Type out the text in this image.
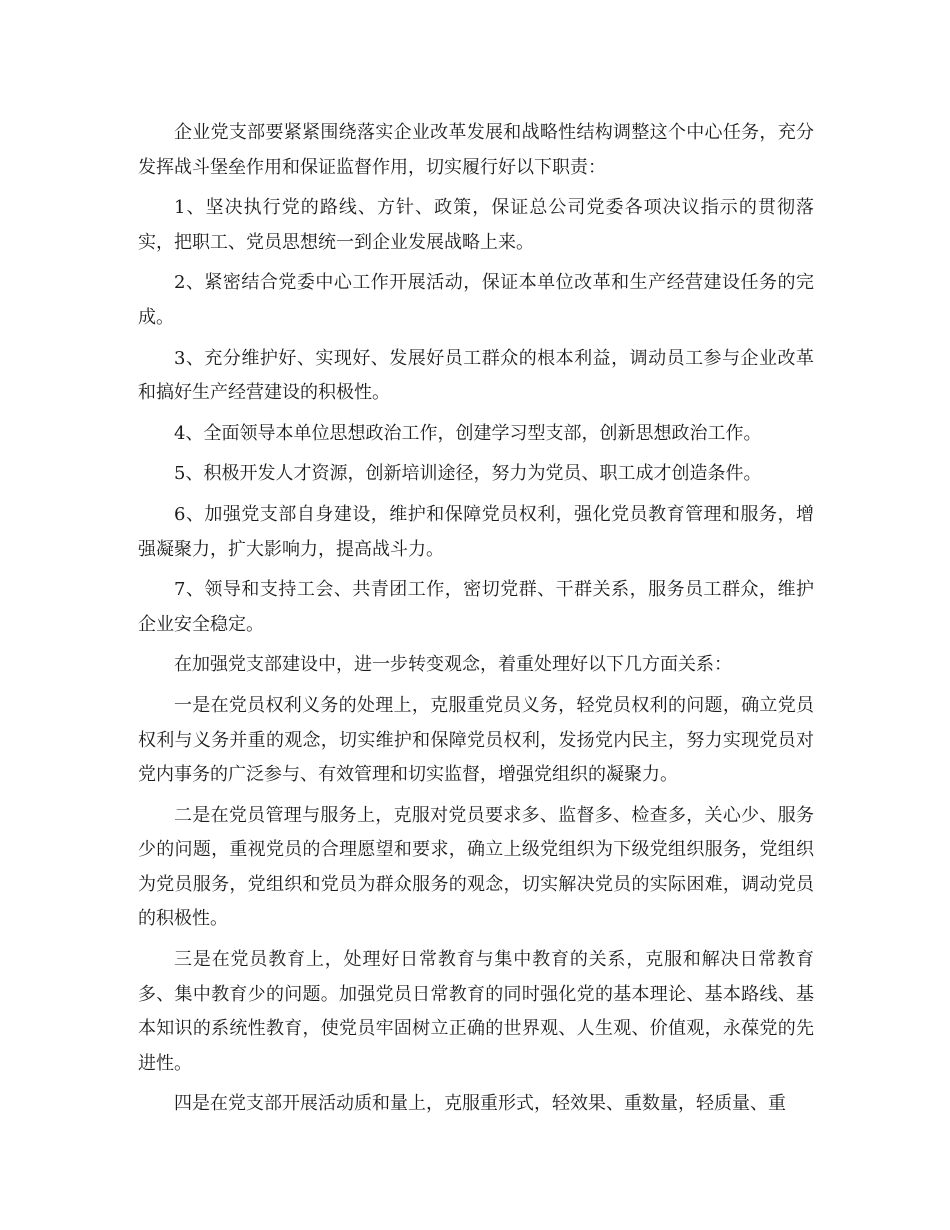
企业党支部要紧紧围绕落实企业改革发展和战略性结构调整这个中心任务，充分发挥战斗堡垒作用和保证监督作用，切实履行好以下职责：

1、坚决执行党的路线、方针、政策，保证总公司党委各项决议指示的贯彻落实，把职工、党员思想统一到企业发展战略上来。

2、紧密结合党委中心工作开展活动，保证本单位改革和生产经营建设任务的完成。

3、充分维护好、实现好、发展好员工群众的根本利益，调动员工参与企业改革和搞好生产经营建设的积极性。

4、全面领导本单位思想政治工作，创建学习型支部，创新思想政治工作。

5、积极开发人才资源，创新培训途径，努力为党员、职工成才创造条件。

6、加强党支部自身建设，维护和保障党员权利，强化党员教育管理和服务，增强凝聚力，扩大影响力，提高战斗力。

7、领导和支持工会、共青团工作，密切党群、干群关系，服务员工群众，维护企业安全稳定。

在加强党支部建设中，进一步转变观念，着重处理好以下几方面关系：

一是在党员权利义务的处理上，克服重党员义务，轻党员权利的问题，确立党员权利与义务并重的观念，切实维护和保障党员权利，发扬党内民主，努力实现党员对党内事务的广泛参与、有效管理和切实监督，增强党组织的凝聚力。

二是在党员管理与服务上，克服对党员要求多、监督多、检查多，关心少、服务少的问题，重视党员的合理愿望和要求，确立上级党组织为下级党组织服务，党组织为党员服务，党组织和党员为群众服务的观念，切实解决党员的实际困难，调动党员的积极性。

三是在党员教育上，处理好日常教育与集中教育的关系，克服和解决日常教育多、集中教育少的问题。加强党员日常教育的同时强化党的基本理论、基本路线、基本知识的系统性教育，使党员牢固树立正确的世界观、人生观、价值观，永葆党的先进性。

四是在党支部开展活动质和量上，克服重形式，轻效果、重数量，轻质量、重
